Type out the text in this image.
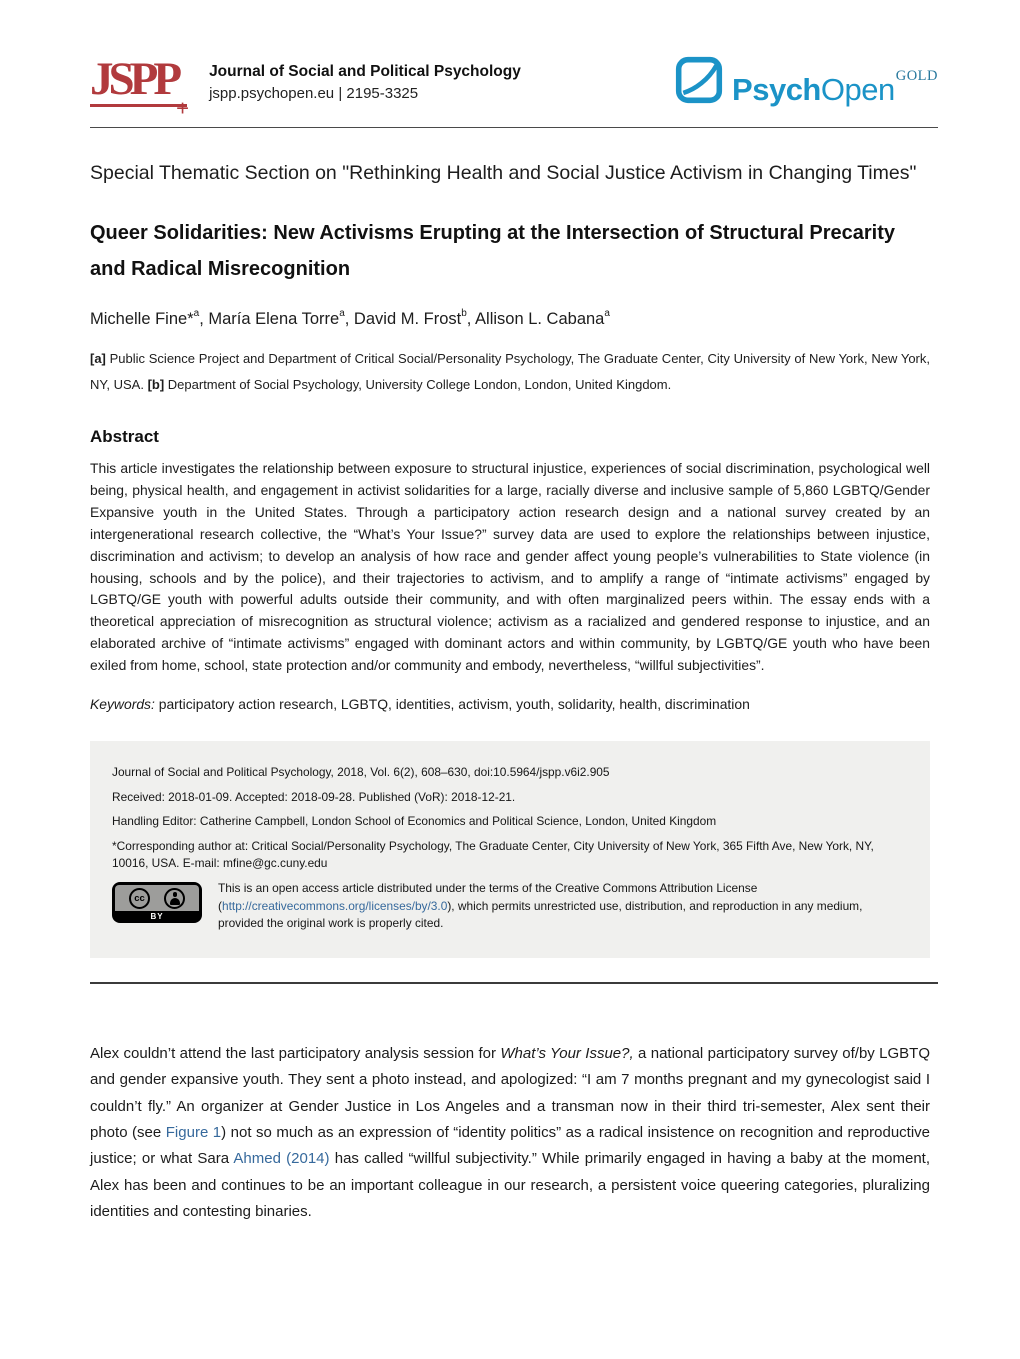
JSPP
+
Journal of Social and Political Psychology
jspp.psychopen.eu | 2195-3325	PsychOpen$^{GOLD}$
Special Thematic Section on "Rethinking Health and Social Justice Activism in Changing Times"
Queer Solidarities: New Activisms Erupting at the Intersection of Structural Precarity and Radical Misrecognition
Michelle Fine*$^a$, María Elena Torre$^a$, David M. Frost$^b$, Allison L. Cabana$^a$

[a] Public Science Project and Department of Critical Social/Personality Psychology, The Graduate Center, City University of New York, New York, NY, USA. [b] Department of Social Psychology, University College London, London, United Kingdom.

Abstract

This article investigates the relationship between exposure to structural injustice, experiences of social discrimination, psychological well being, physical health, and engagement in activist solidarities for a large, racially diverse and inclusive sample of 5,860 LGBTQ/Gender Expansive youth in the United States. Through a participatory action research design and a national survey created by an intergenerational research collective, the “What’s Your Issue?” survey data are used to explore the relationships between injustice, discrimination and activism; to develop an analysis of how race and gender affect young people’s vulnerabilities to State violence (in housing, schools and by the police), and their trajectories to activism, and to amplify a range of “intimate activisms” engaged by LGBTQ/GE youth with powerful adults outside their community, and with often marginalized peers within. The essay ends with a theoretical appreciation of misrecognition as structural violence; activism as a racialized and gendered response to injustice, and an elaborated archive of “intimate activisms” engaged with dominant actors and within community, by LGBTQ/GE youth who have been exiled from home, school, state protection and/or community and embody, nevertheless, “willful subjectivities”.

Keywords: participatory action research, LGBTQ, identities, activism, youth, solidarity, health, discrimination

Journal of Social and Political Psychology, 2018, Vol. 6(2), 608–630, doi:10.5964/jspp.v6i2.905

Received: 2018-01-09. Accepted: 2018-09-28. Published (VoR): 2018-12-21.

Handling Editor: Catherine Campbell, London School of Economics and Political Science, London, United Kingdom

*Corresponding author at: Critical Social/Personality Psychology, The Graduate Center, City University of New York, 365 Fifth Ave, New York, NY, 10016, USA. E-mail: mfine@gc.cuny.edu

cc
BY

This is an open access article distributed under the terms of the Creative Commons Attribution License (http://creativecommons.org/licenses/by/3.0), which permits unrestricted use, distribution, and reproduction in any medium, provided the original work is properly cited.

Alex couldn’t attend the last participatory analysis session for What’s Your Issue?, a national participatory survey of/by LGBTQ and gender expansive youth. They sent a photo instead, and apologized: “I am 7 months pregnant and my gynecologist said I couldn’t fly.” An organizer at Gender Justice in Los Angeles and a transman now in their third tri-semester, Alex sent their photo (see Figure 1) not so much as an expression of “identity politics” as a radical insistence on recognition and reproductive justice; or what Sara Ahmed (2014) has called “willful subjectivity.” While primarily engaged in having a baby at the moment, Alex has been and continues to be an important colleague in our research, a persistent voice queering categories, pluralizing identities and contesting binaries.
